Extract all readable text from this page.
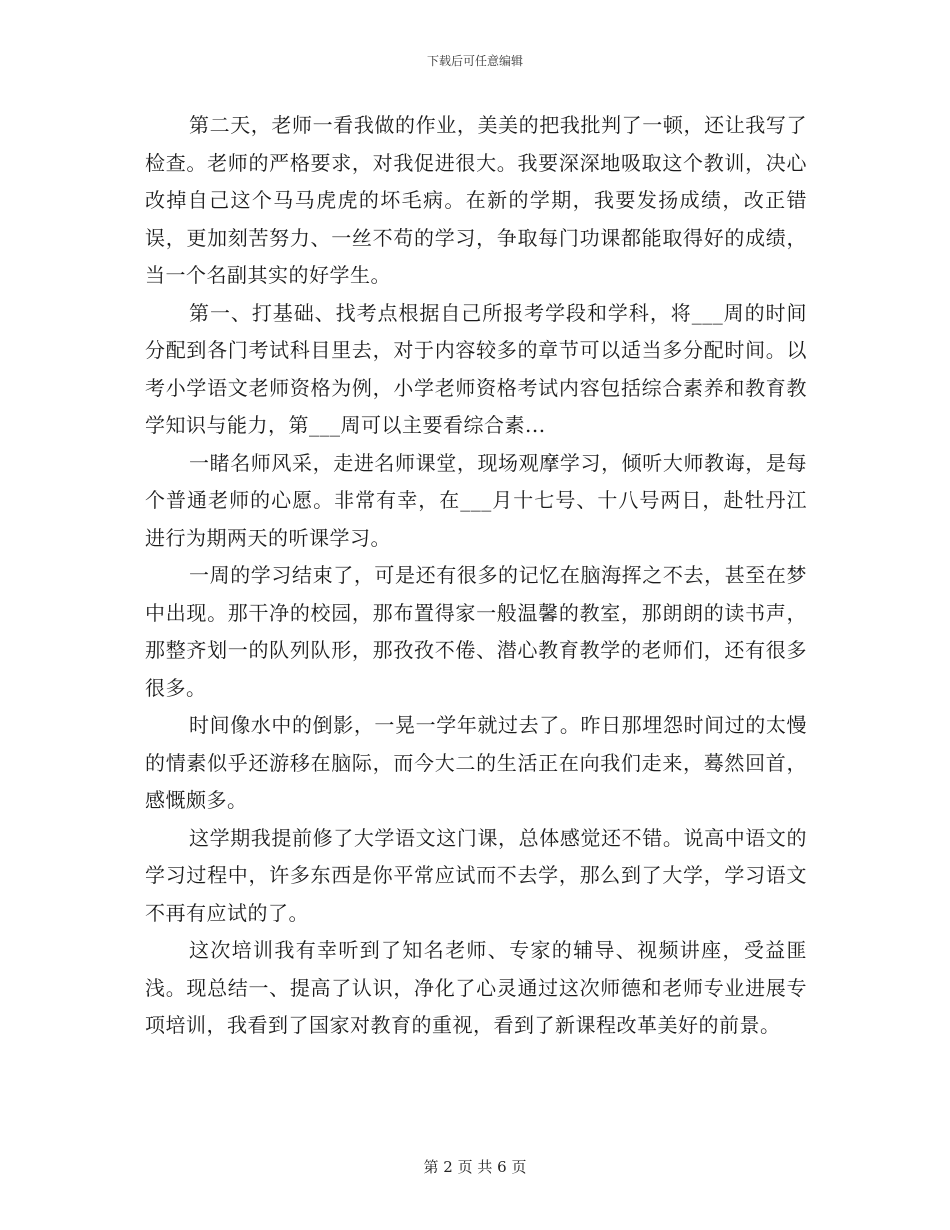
下载后可任意编辑

第二天，老师一看我做的作业，美美的把我批判了一顿，还让我写了检查。老师的严格要求，对我促进很大。我要深深地吸取这个教训，决心改掉自己这个马马虎虎的坏毛病。在新的学期，我要发扬成绩，改正错误，更加刻苦努力、一丝不苟的学习，争取每门功课都能取得好的成绩，当一个名副其实的好学生。

第一、打基础、找考点根据自己所报考学段和学科，将___周的时间分配到各门考试科目里去，对于内容较多的章节可以适当多分配时间。以考小学语文老师资格为例，小学老师资格考试内容包括综合素养和教育教学知识与能力，第___周可以主要看综合素...

一睹名师风采，走进名师课堂，现场观摩学习，倾听大师教诲，是每个普通老师的心愿。非常有幸，在___月十七号、十八号两日，赴牡丹江进行为期两天的听课学习。

一周的学习结束了，可是还有很多的记忆在脑海挥之不去，甚至在梦中出现。那干净的校园，那布置得家一般温馨的教室，那朗朗的读书声，那整齐划一的队列队形，那孜孜不倦、潜心教育教学的老师们，还有很多很多。

时间像水中的倒影，一晃一学年就过去了。昨日那埋怨时间过的太慢的情素似乎还游移在脑际，而今大二的生活正在向我们走来，蓦然回首，感慨颇多。

这学期我提前修了大学语文这门课，总体感觉还不错。说高中语文的学习过程中，许多东西是你平常应试而不去学，那么到了大学，学习语文不再有应试的了。

这次培训我有幸听到了知名老师、专家的辅导、视频讲座，受益匪浅。现总结一、提高了认识，净化了心灵通过这次师德和老师专业进展专项培训，我看到了国家对教育的重视，看到了新课程改革美好的前景。

第 2 页 共 6 页
